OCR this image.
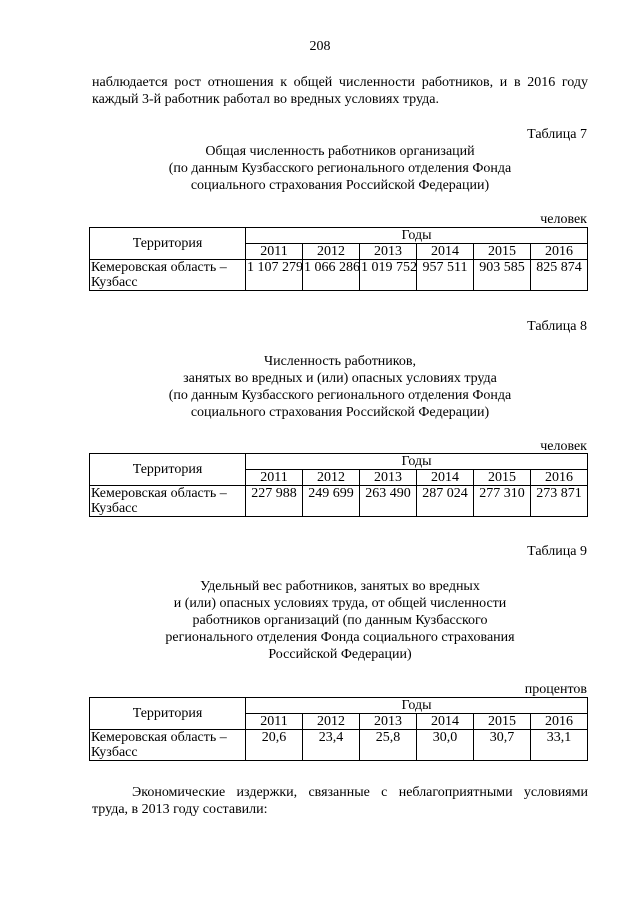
208

наблюдается рост отношения к общей численности работников, и в 2016 году каждый 3-й работник работал во вредных условиях труда.

Таблица 7
Общая численность работников организаций
(по данным Кузбасского регионального отделения Фонда
социального страхования Российской Федерации)
человек
Территория	Годы					
	2011	2012	2013	2014	2015	2016
Кемеровская область – Кузбасс	1 107 279	1 066 286	1 019 752	957 511	903 585	825 874
Таблица 8
Численность работников,
занятых во вредных и (или) опасных условиях труда
(по данным Кузбасского регионального отделения Фонда
социального страхования Российской Федерации)
человек
Территория	Годы					
	2011	2012	2013	2014	2015	2016
Кемеровская область – Кузбасс	227 988	249 699	263 490	287 024	277 310	273 871
Таблица 9
Удельный вес работников, занятых во вредных
и (или) опасных условиях труда, от общей численности
работников организаций (по данным Кузбасского
регионального отделения Фонда социального страхования
Российской Федерации)
процентов
Территория	Годы					
	2011	2012	2013	2014	2015	2016
Кемеровская область – Кузбасс	20,6	23,4	25,8	30,0	30,7	33,1

Экономические издержки, связанные с неблагоприятными условиями труда, в 2013 году составили:
